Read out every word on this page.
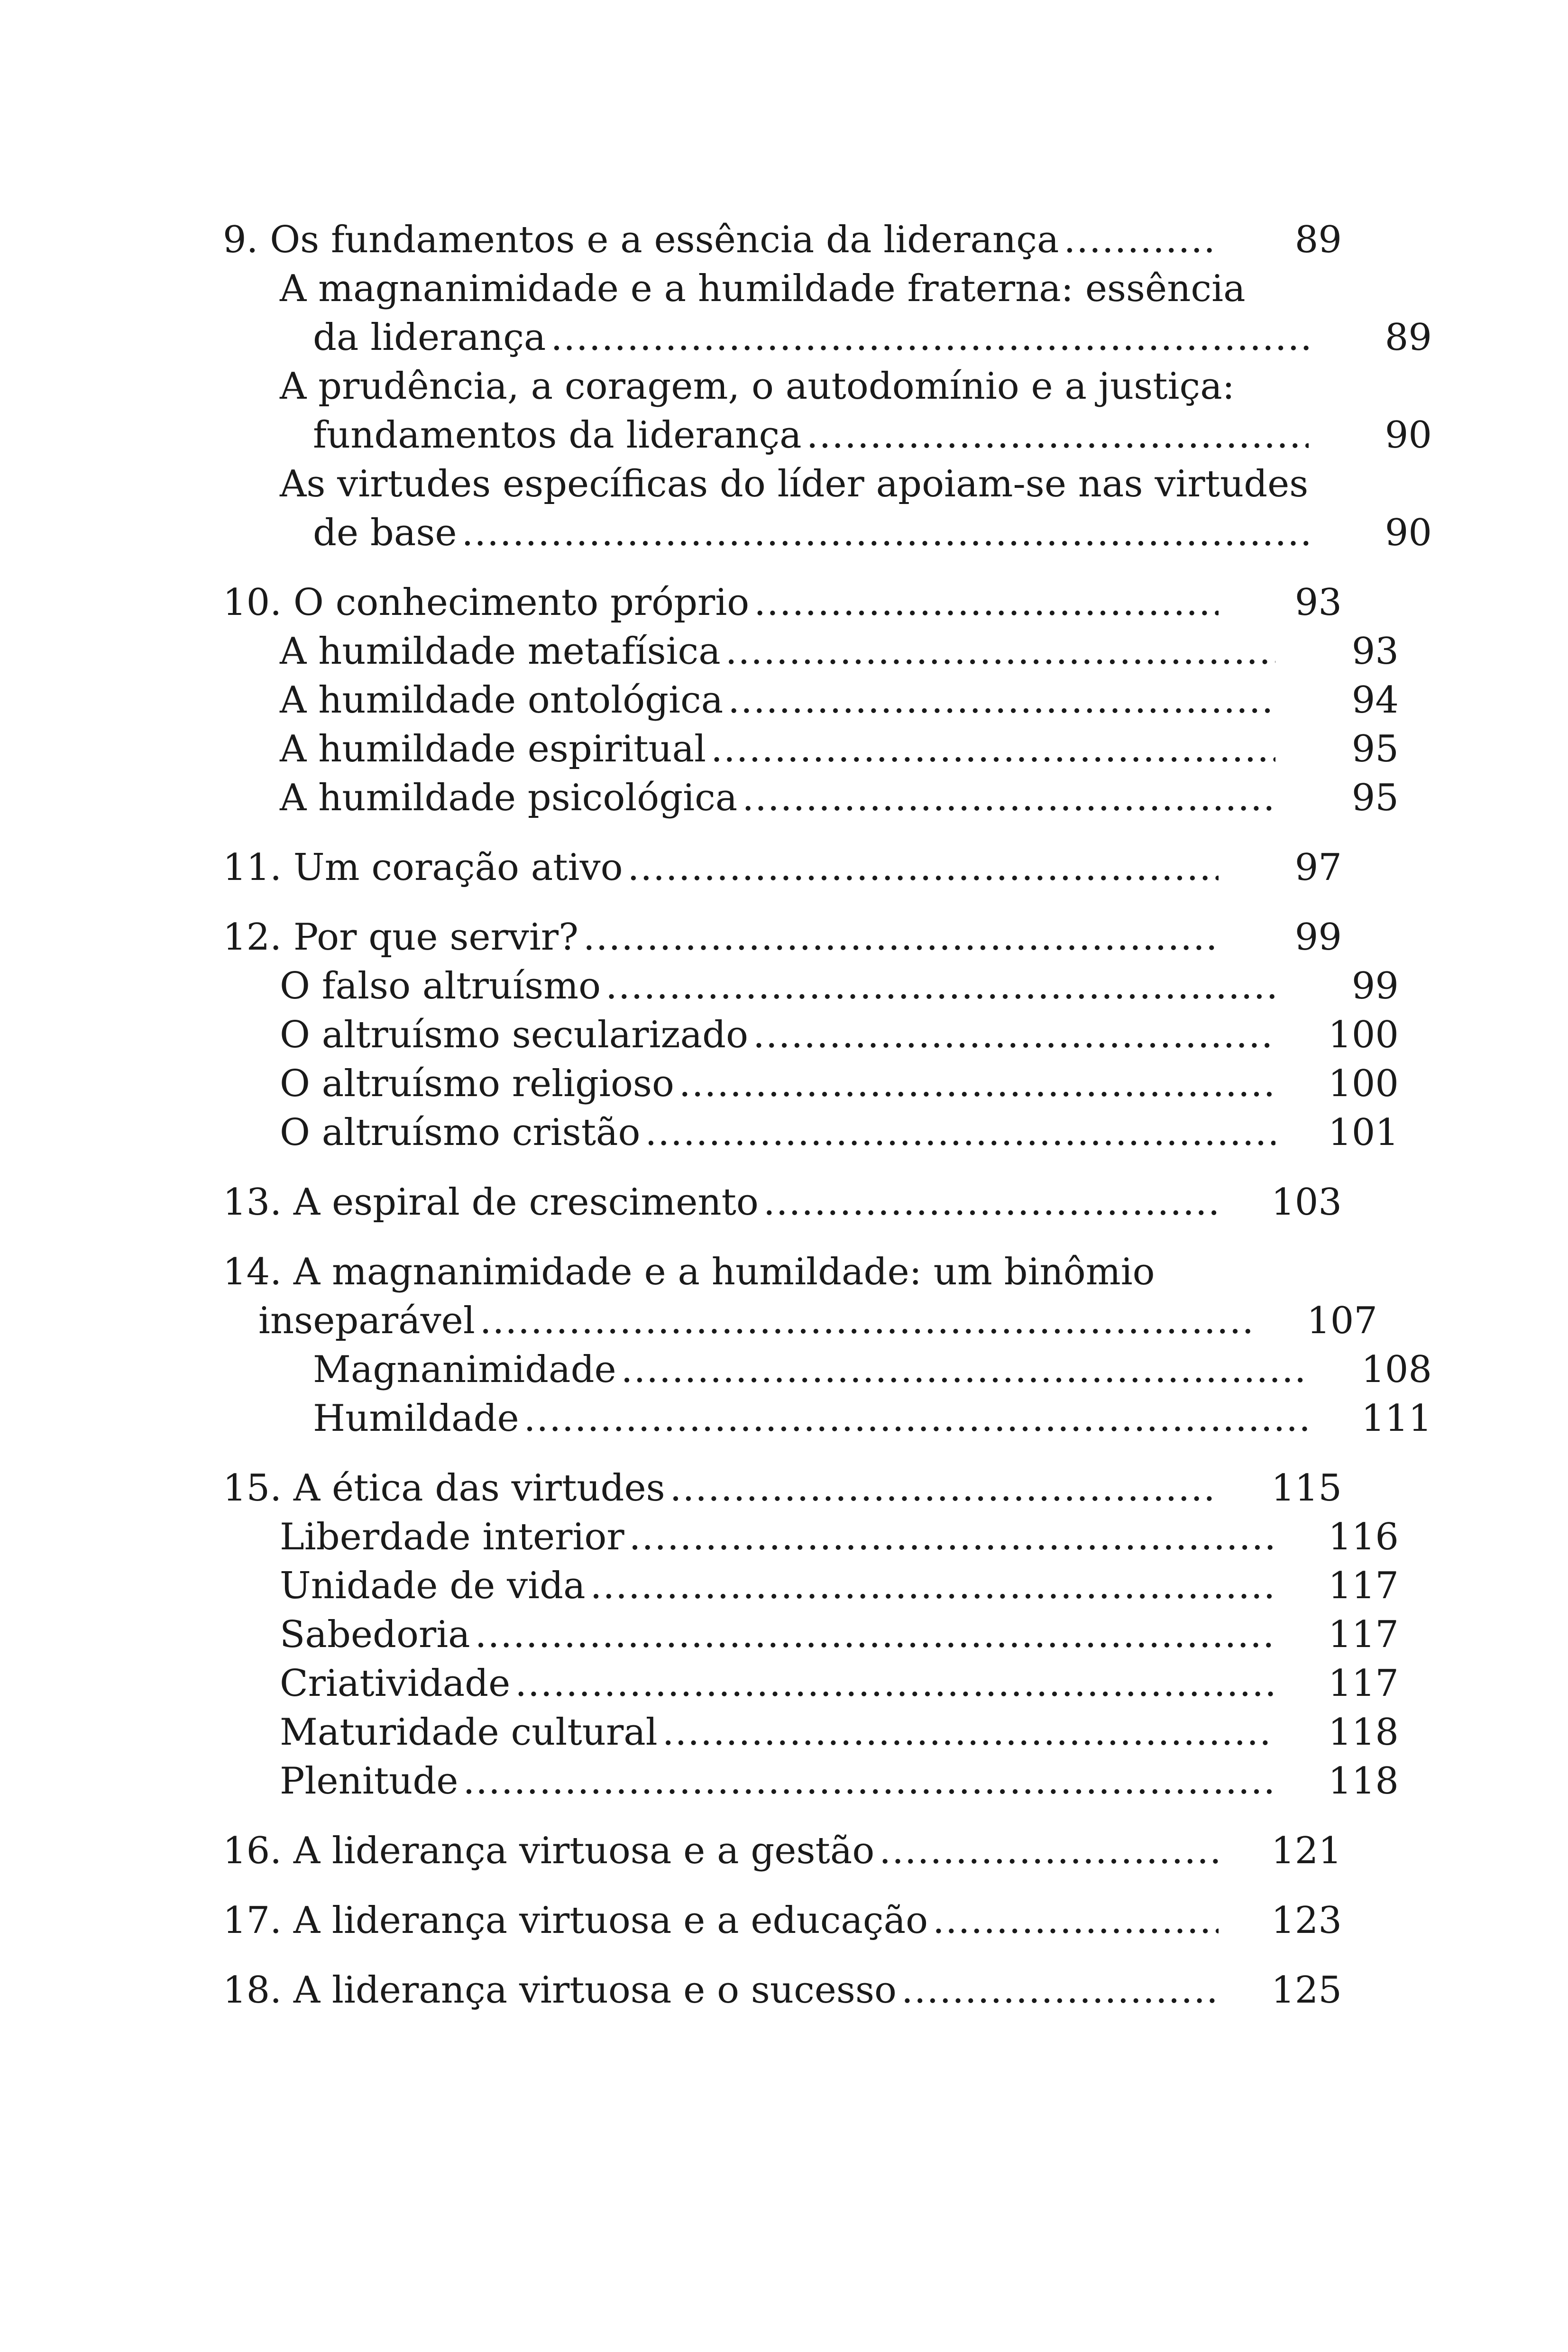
9. Os fundamentos e a essência da liderança .....	89
A magnanimidade e a humildade fraterna: essência
da liderança .....	89
A prudência, a coragem, o autodomínio e a justiça:
fundamentos da liderança .....	90
As virtudes específicas do líder apoiam-se nas virtudes
de base .....	90
10. O conhecimento próprio .....	93
A humildade metafísica .....	93
A humildade ontológica .....	94
A humildade espiritual .....	95
A humildade psicológica .....	95
11. Um coração ativo .....	97
12. Por que servir? .....	99
O falso altruísmo .....	99
O altruísmo secularizado .....	100
O altruísmo religioso .....	100
O altruísmo cristão .....	101
13. A espiral de crescimento .....	103
14. A magnanimidade e a humildade: um binômio
inseparável .....	107
Magnanimidade .....	108
Humildade .....	111
15. A ética das virtudes .....	115
Liberdade interior .....	116
Unidade de vida .....	117
Sabedoria .....	117
Criatividade .....	117
Maturidade cultural .....	118
Plenitude .....	118
16. A liderança virtuosa e a gestão .....	121
17. A liderança virtuosa e a educação .....	123
18. A liderança virtuosa e o sucesso .....	125
